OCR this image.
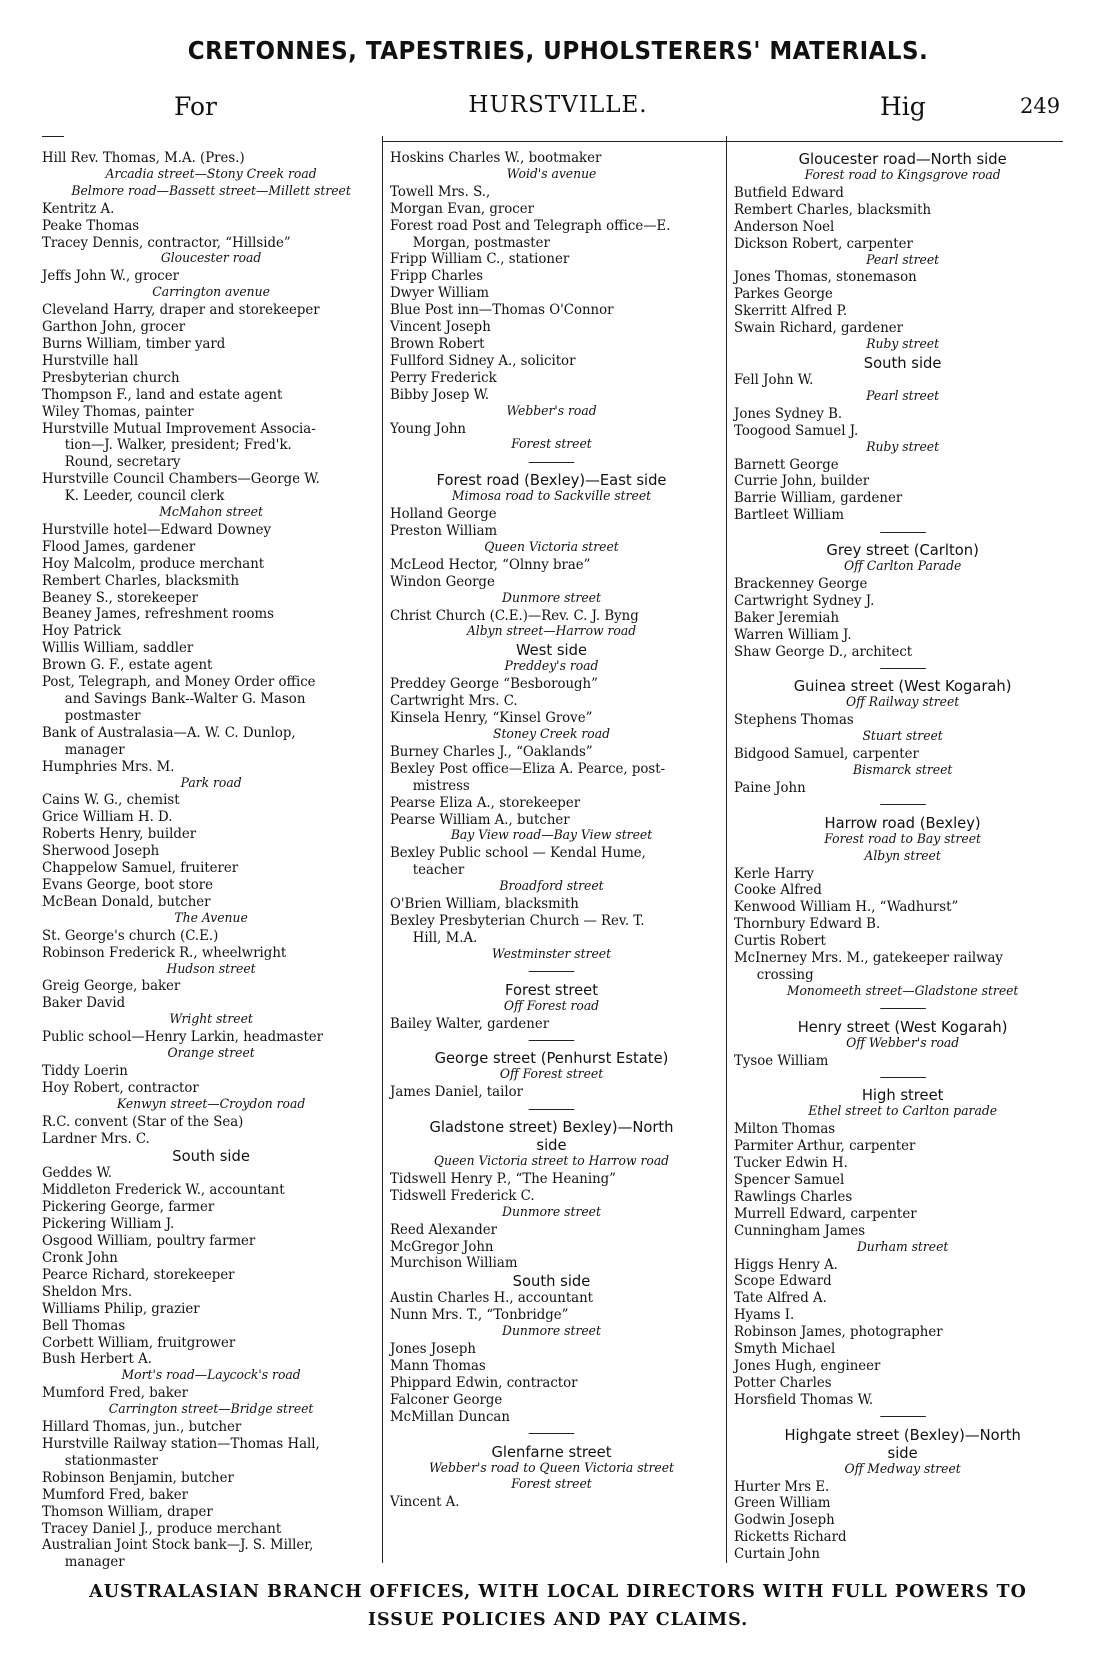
CRETONNES, TAPESTRIES, UPHOLSTERERS' MATERIALS.
For	HURSTVILLE.	Hig	249
Hill Rev. Thomas, M.A. (Pres.)
Arcadia street—Stony Creek road
Belmore road—Bassett street—Millett street
Kentritz A.
Peake Thomas
Tracey Dennis, contractor, “Hillside”
Gloucester road
Jeffs John W., grocer
Carrington avenue
Cleveland Harry, draper and storekeeper
Garthon John, grocer
Burns William, timber yard
Hurstville hall
Presbyterian church
Thompson F., land and estate agent
Wiley Thomas, painter
Hurstville Mutual Improvement Associa-
tion—J. Walker, president; Fred'k.
Round, secretary
Hurstville Council Chambers—George W.
K. Leeder, council clerk
McMahon street
Hurstville hotel—Edward Downey
Flood James, gardener
Hoy Malcolm, produce merchant
Rembert Charles, blacksmith
Beaney S., storekeeper
Beaney James, refreshment rooms
Hoy Patrick
Willis William, saddler
Brown G. F., estate agent
Post, Telegraph, and Money Order office
and Savings Bank--Walter G. Mason
postmaster
Bank of Australasia—A. W. C. Dunlop,
manager
Humphries Mrs. M.
Park road
Cains W. G., chemist
Grice William H. D.
Roberts Henry, builder
Sherwood Joseph
Chappelow Samuel, fruiterer
Evans George, boot store
McBean Donald, butcher
The Avenue
St. George's church (C.E.)
Robinson Frederick R., wheelwright
Hudson street
Greig George, baker
Baker David
Wright street
Public school—Henry Larkin, headmaster
Orange street
Tiddy Loerin
Hoy Robert, contractor
Kenwyn street—Croydon road
R.C. convent (Star of the Sea)
Lardner Mrs. C.
South side
Geddes W.
Middleton Frederick W., accountant
Pickering George, farmer
Pickering William J.
Osgood William, poultry farmer
Cronk John
Pearce Richard, storekeeper
Sheldon Mrs.
Williams Philip, grazier
Bell Thomas
Corbett William, fruitgrower
Bush Herbert A.
Mort's road—Laycock's road
Mumford Fred, baker
Carrington street—Bridge street
Hillard Thomas, jun., butcher
Hurstville Railway station—Thomas Hall,
stationmaster
Robinson Benjamin, butcher
Mumford Fred, baker
Thomson William, draper
Tracey Daniel J., produce merchant
Australian Joint Stock bank—J. S. Miller,
manager
Hoskins Charles W., bootmaker
Woid's avenue
Towell Mrs. S.,
Morgan Evan, grocer
Forest road Post and Telegraph office—E.
Morgan, postmaster
Fripp William C., stationer
Fripp Charles
Dwyer William
Blue Post inn—Thomas O'Connor
Vincent Joseph
Brown Robert
Fullford Sidney A., solicitor
Perry Frederick
Bibby Josep W.
Webber's road
Young John
Forest street
Forest road (Bexley)—East side
Mimosa road to Sackville street
Holland George
Preston William
Queen Victoria street
McLeod Hector, “Olnny brae”
Windon George
Dunmore street
Christ Church (C.E.)—Rev. C. J. Byng
Albyn street—Harrow road
West side
Preddey's road
Preddey George “Besborough”
Cartwright Mrs. C.
Kinsela Henry, “Kinsel Grove”
Stoney Creek road
Burney Charles J., “Oaklands”
Bexley Post office—Eliza A. Pearce, post-
mistress
Pearse Eliza A., storekeeper
Pearse William A., butcher
Bay View road—Bay View street
Bexley Public school — Kendal Hume,
teacher
Broadford street
O'Brien William, blacksmith
Bexley Presbyterian Church — Rev. T.
Hill, M.A.
Westminster street
Forest street
Off Forest road
Bailey Walter, gardener
George street (Penhurst Estate)
Off Forest street
James Daniel, tailor
Gladstone street) Bexley)—North
side
Queen Victoria street to Harrow road
Tidswell Henry P., “The Heaning”
Tidswell Frederick C.
Dunmore street
Reed Alexander
McGregor John
Murchison William
South side
Austin Charles H., accountant
Nunn Mrs. T., “Tonbridge”
Dunmore street
Jones Joseph
Mann Thomas
Phippard Edwin, contractor
Falconer George
McMillan Duncan
Glenfarne street
Webber's road to Queen Victoria street
Forest street
Vincent A.
Gloucester road—North side
Forest road to Kingsgrove road
Butfield Edward
Rembert Charles, blacksmith
Anderson Noel
Dickson Robert, carpenter
Pearl street
Jones Thomas, stonemason
Parkes George
Skerritt Alfred P.
Swain Richard, gardener
Ruby street
South side
Fell John W.
Pearl street
Jones Sydney B.
Toogood Samuel J.
Ruby street
Barnett George
Currie John, builder
Barrie William, gardener
Bartleet William
Grey street (Carlton)
Off Carlton Parade
Brackenney George
Cartwright Sydney J.
Baker Jeremiah
Warren William J.
Shaw George D., architect
Guinea street (West Kogarah)
Off Railway street
Stephens Thomas
Stuart street
Bidgood Samuel, carpenter
Bismarck street
Paine John
Harrow road (Bexley)
Forest road to Bay street
Albyn street
Kerle Harry
Cooke Alfred
Kenwood William H., “Wadhurst”
Thornbury Edward B.
Curtis Robert
McInerney Mrs. M., gatekeeper railway
crossing
Monomeeth street—Gladstone street
Henry street (West Kogarah)
Off Webber's road
Tysoe William
High street
Ethel street to Carlton parade
Milton Thomas
Parmiter Arthur, carpenter
Tucker Edwin H.
Spencer Samuel
Rawlings Charles
Murrell Edward, carpenter
Cunningham James
Durham street
Higgs Henry A.
Scope Edward
Tate Alfred A.
Hyams I.
Robinson James, photographer
Smyth Michael
Jones Hugh, engineer
Potter Charles
Horsfield Thomas W.
Highgate street (Bexley)—North
side
Off Medway street
Hurter Mrs E.
Green William
Godwin Joseph
Ricketts Richard
Curtain John
AUSTRALASIAN BRANCH OFFICES, WITH LOCAL DIRECTORS WITH FULL POWERS TO
ISSUE POLICIES AND PAY CLAIMS.
